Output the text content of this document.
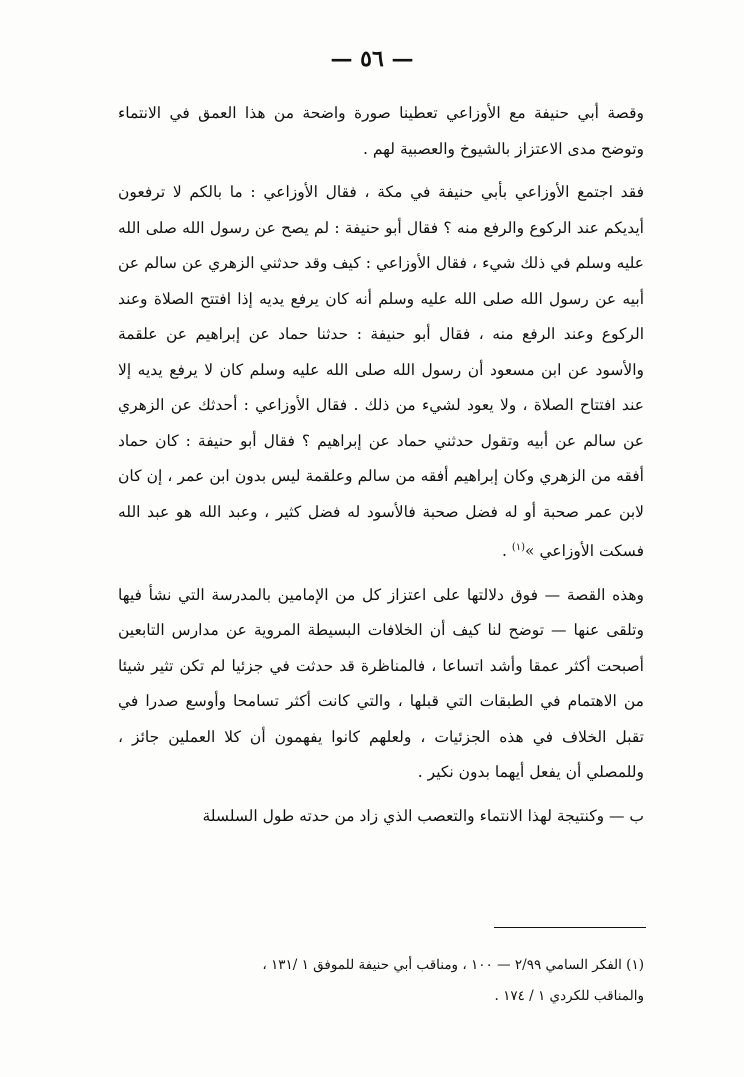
— ٥٦ —

وقصة أبي حنيفة مع الأوزاعي تعطينا صورة واضحة من هذا العمق في الانتماء وتوضح مدى الاعتزاز بالشيوخ والعصبية لهم .

فقد اجتمع الأوزاعي بأبي حنيفة في مكة ، فقال الأوزاعي : ما بالكم لا ترفعون أيديكم عند الركوع والرفع منه ؟ فقال أبو حنيفة : لم يصح عن رسول الله صلى الله عليه وسلم في ذلك شيء ، فقال الأوزاعي : كيف وقد حدثني الزهري عن سالم عن أبيه عن رسول الله صلى الله عليه وسلم أنه كان يرفع يديه إذا افتتح الصلاة وعند الركوع وعند الرفع منه ، فقال أبو حنيفة : حدثنا حماد عن إبراهيم عن علقمة والأسود عن ابن مسعود أن رسول الله صلى الله عليه وسلم كان لا يرفع يديه إلا عند افتتاح الصلاة ، ولا يعود لشيء من ذلك . فقال الأوزاعي : أحدثك عن الزهري عن سالم عن أبيه وتقول حدثني حماد عن إبراهيم ؟ فقال أبو حنيفة : كان حماد أفقه من الزهري وكان إبراهيم أفقه من سالم وعلقمة ليس بدون ابن عمر ، إن كان لابن عمر صحبة أو له فضل صحبة فالأسود له فضل كثير ، وعبد الله هو عبد الله فسكت الأوزاعي »$^{(١)}$ .

وهذه القصة — فوق دلالتها على اعتزاز كل من الإمامين بالمدرسة التي نشأ فيها وتلقى عنها — توضح لنا كيف أن الخلافات البسيطة المروية عن مدارس التابعين أصبحت أكثر عمقا وأشد اتساعا ، فالمناظرة قد حدثت في جزئيا لم تكن تثير شيئا من الاهتمام في الطبقات التي قبلها ، والتي كانت أكثر تسامحا وأوسع صدرا في تقبل الخلاف في هذه الجزئيات ، ولعلهم كانوا يفهمون أن كلا العملين جائز ، وللمصلي أن يفعل أيهما بدون نكير .

ب — وكنتيجة لهذا الانتماء والتعصب الذي زاد من حدته طول السلسلة

(١) الفكر السامي ٢/٩٩ — ١٠٠ ، ومناقب أبي حنيفة للموفق ١ /١٣١ ،

والمناقب للكردي ١ / ١٧٤ .
